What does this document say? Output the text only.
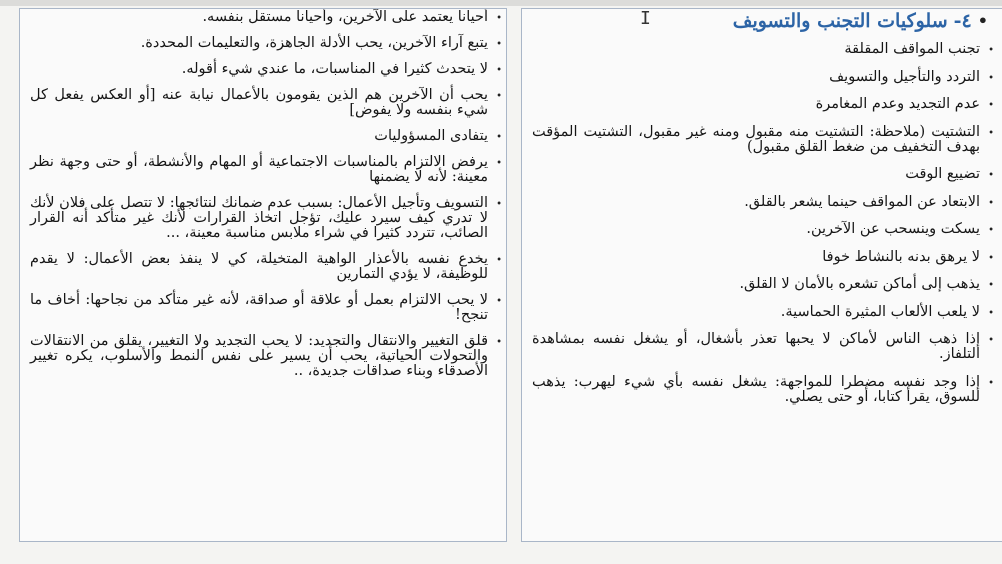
•
٤-
سلوكيات التجنب والتسويف
•
تجنب المواقف المقلقة
•
التردد والتأجيل والتسويف
•
عدم التجديد وعدم المغامرة
•
التشتيت (ملاحظة: التشتيت منه مقبول ومنه غير مقبول، التشتيت المؤقت بهدف التخفيف من ضغط القلق مقبول)
•
تضييع الوقت
•
الابتعاد عن المواقف حينما يشعر بالقلق.
•
يسكت وينسحب عن الآخرين.
•
لا يرهق بدنه بالنشاط خوفا
•
يذهب إلى أماكن تشعره بالأمان لا القلق.
•
لا يلعب الألعاب المثيرة الحماسية.
•
إذا ذهب الناس لأماكن لا يحبها تعذر بأشغال، أو يشغل نفسه بمشاهدة التلفاز.
•
إذا وجد نفسه مضطرا للمواجهة: يشغل نفسه بأي شيء ليهرب: يذهب للسوق، يقرأ كتابا، أو حتى يصلي.
•
أحيانا يعتمد على الآخرين، وأحيانا مستقل بنفسه.
•
يتبع آراء الآخرين، يحب الأدلة الجاهزة، والتعليمات المحددة.
•
لا يتحدث كثيرا في المناسبات، ما عندي شيء أقوله.
•
يحب أن الآخرين هم الذين يقومون بالأعمال نيابة عنه [أو العكس يفعل كل شيء بنفسه ولا يفوض]
•
يتفادى المسؤوليات
•
يرفض الالتزام بالمناسبات الاجتماعية أو المهام والأنشطة، أو حتى وجهة نظر معينة: لأنه لا يضمنها
•
التسويف وتأجيل الأعمال: بسبب عدم ضمانك لنتائجها: لا تتصل على فلان لأنك لا تدري كيف سيرد عليك، تؤجل اتخاذ القرارات لأنك غير متأكد أنه القرار الصائب، تتردد كثيرا في شراء ملابس مناسبة معينة، ...
•
يخدع نفسه بالأعذار الواهية المتخيلة، كي لا ينفذ بعض الأعمال: لا يقدم للوظيفة، لا يؤدي التمارين
•
لا يحب الالتزام بعمل أو علاقة أو صداقة، لأنه غير متأكد من نجاحها: أخاف ما تنجح!
•
قلق التغيير والانتقال والتجديد: لا يحب التجديد ولا التغيير، يقلق من الانتقالات والتحولات الحياتية، يحب أن يسير على نفس النمط والأسلوب، يكره تغيير الأصدقاء وبناء صداقات جديدة، ..
I
